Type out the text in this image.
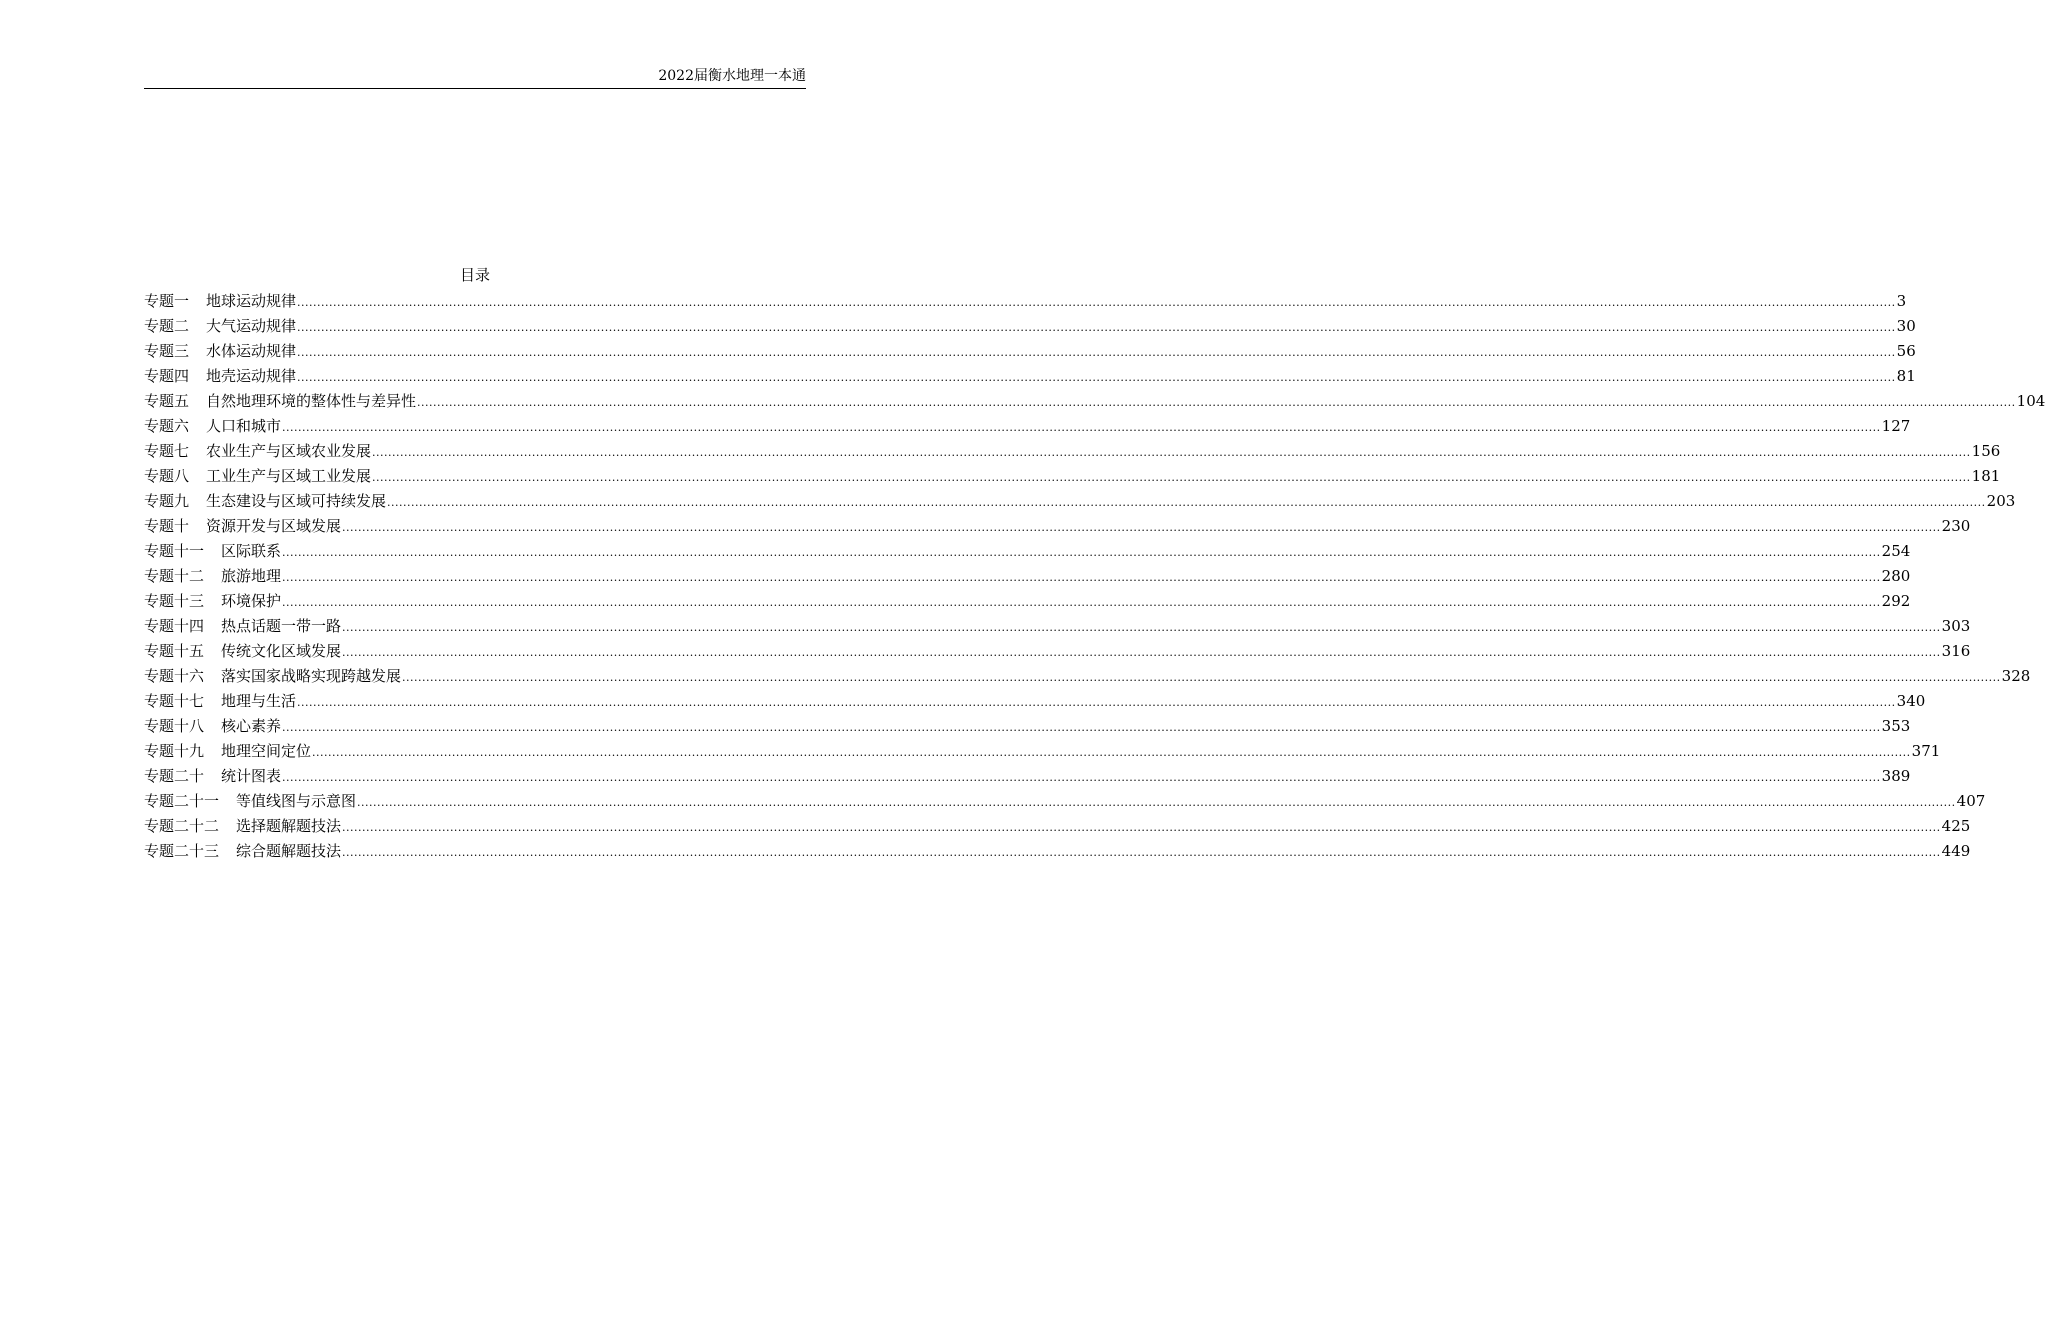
2022届衡水地理一本通
目录
专题一 地球运动规律 ................................................................................................................................................................................................................................................................................................................................................................................................................ 3
专题二 大气运动规律 ................................................................................................................................................................................................................................................................................................................................................................................................................ 30
专题三 水体运动规律 ................................................................................................................................................................................................................................................................................................................................................................................................................ 56
专题四 地壳运动规律 ................................................................................................................................................................................................................................................................................................................................................................................................................ 81
专题五 自然地理环境的整体性与差异性 ................................................................................................................................................................................................................................................................................................................................................................................................................ 104
专题六 人口和城市 ................................................................................................................................................................................................................................................................................................................................................................................................................ 127
专题七 农业生产与区域农业发展 ................................................................................................................................................................................................................................................................................................................................................................................................................ 156
专题八 工业生产与区域工业发展 ................................................................................................................................................................................................................................................................................................................................................................................................................ 181
专题九 生态建设与区域可持续发展 ................................................................................................................................................................................................................................................................................................................................................................................................................ 203
专题十 资源开发与区域发展 ................................................................................................................................................................................................................................................................................................................................................................................................................ 230
专题十一 区际联系 ................................................................................................................................................................................................................................................................................................................................................................................................................ 254
专题十二 旅游地理 ................................................................................................................................................................................................................................................................................................................................................................................................................ 280
专题十三 环境保护 ................................................................................................................................................................................................................................................................................................................................................................................................................ 292
专题十四 热点话题一带一路 ................................................................................................................................................................................................................................................................................................................................................................................................................ 303
专题十五 传统文化区域发展 ................................................................................................................................................................................................................................................................................................................................................................................................................ 316
专题十六 落实国家战略实现跨越发展 ................................................................................................................................................................................................................................................................................................................................................................................................................ 328
专题十七 地理与生活 ................................................................................................................................................................................................................................................................................................................................................................................................................ 340
专题十八 核心素养 ................................................................................................................................................................................................................................................................................................................................................................................................................ 353
专题十九 地理空间定位 ................................................................................................................................................................................................................................................................................................................................................................................................................ 371
专题二十 统计图表 ................................................................................................................................................................................................................................................................................................................................................................................................................ 389
专题二十一 等值线图与示意图 ................................................................................................................................................................................................................................................................................................................................................................................................................ 407
专题二十二 选择题解题技法 ................................................................................................................................................................................................................................................................................................................................................................................................................ 425
专题二十三 综合题解题技法 ................................................................................................................................................................................................................................................................................................................................................................................................................ 449
